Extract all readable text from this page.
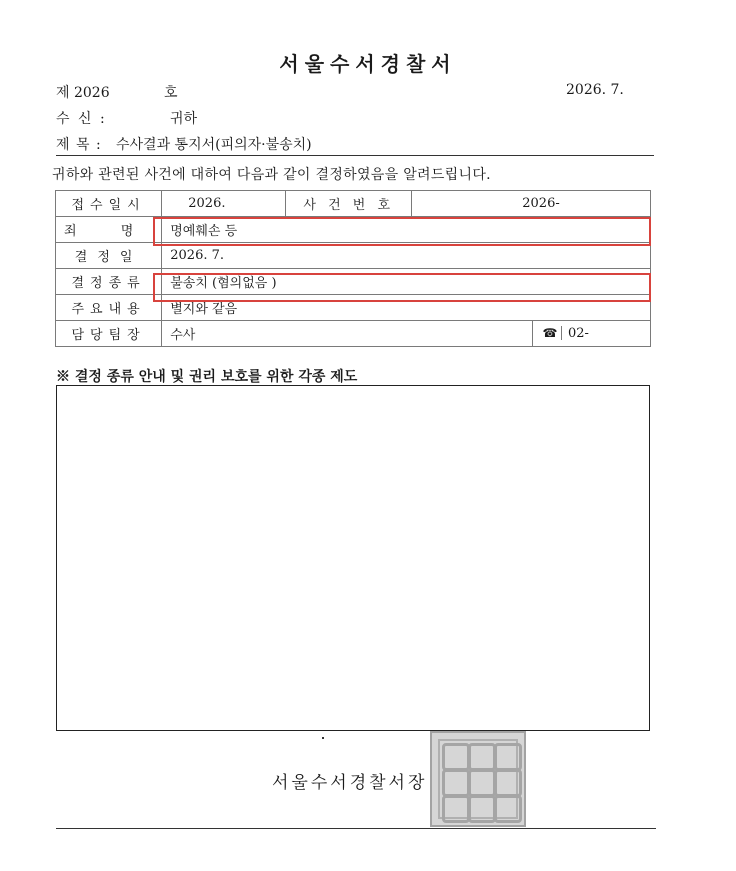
서울수서경찰서
제 2026	호	2026. 7.
수 신 :	귀하
제 목 : 수사결과 통지서(피의자·불송치)
귀하와 관련된 사건에 대하여 다음과 같이 결정하였음을 알려드립니다.
접수일시	2026.	사 건 번 호	2026-	
죄 명	명예훼손 등			
결정일	2026. 7.			
결정종류	불송치 (혐의없음 )			
주요내용	별지와 같음			
담당팀장	수사			☎ 02-
※ 결정 종류 안내 및 권리 보호를 위한 각종 제도
서울수서경찰서장
